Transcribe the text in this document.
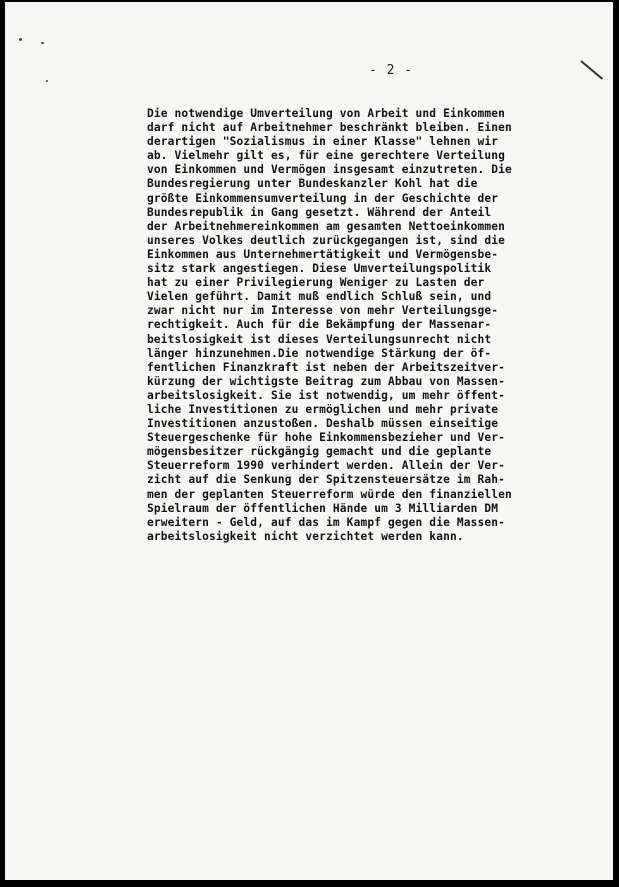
- 2 -
Die notwendige Umverteilung von Arbeit und Einkommen
darf nicht auf Arbeitnehmer beschränkt bleiben. Einen
derartigen "Sozialismus in einer Klasse" lehnen wir
ab. Vielmehr gilt es, für eine gerechtere Verteilung
von Einkommen und Vermögen insgesamt einzutreten. Die
Bundesregierung unter Bundeskanzler Kohl hat die
größte Einkommensumverteilung in der Geschichte der
Bundesrepublik in Gang gesetzt. Während der Anteil
der Arbeitnehmereinkommen am gesamten Nettoeinkommen
unseres Volkes deutlich zurückgegangen ist, sind die
Einkommen aus Unternehmertätigkeit und Vermögensbe-
sitz stark angestiegen. Diese Umverteilungspolitik
hat zu einer Privilegierung Weniger zu Lasten der
Vielen geführt. Damit muß endlich Schluß sein, und
zwar nicht nur im Interesse von mehr Verteilungsge-
rechtigkeit. Auch für die Bekämpfung der Massenar-
beitslosigkeit ist dieses Verteilungsunrecht nicht
länger hinzunehmen.Die notwendige Stärkung der öf-
fentlichen Finanzkraft ist neben der Arbeitszeitver-
kürzung der wichtigste Beitrag zum Abbau von Massen-
arbeitslosigkeit. Sie ist notwendig, um mehr öffent-
liche Investitionen zu ermöglichen und mehr private
Investitionen anzustoßen. Deshalb müssen einseitige
Steuergeschenke für hohe Einkommensbezieher und Ver-
mögensbesitzer rückgängig gemacht und die geplante
Steuerreform 1990 verhindert werden. Allein der Ver-
zicht auf die Senkung der Spitzensteuersätze im Rah-
men der geplanten Steuerreform würde den finanziellen
Spielraum der öffentlichen Hände um 3 Milliarden DM
erweitern - Geld, auf das im Kampf gegen die Massen-
arbeitslosigkeit nicht verzichtet werden kann.
